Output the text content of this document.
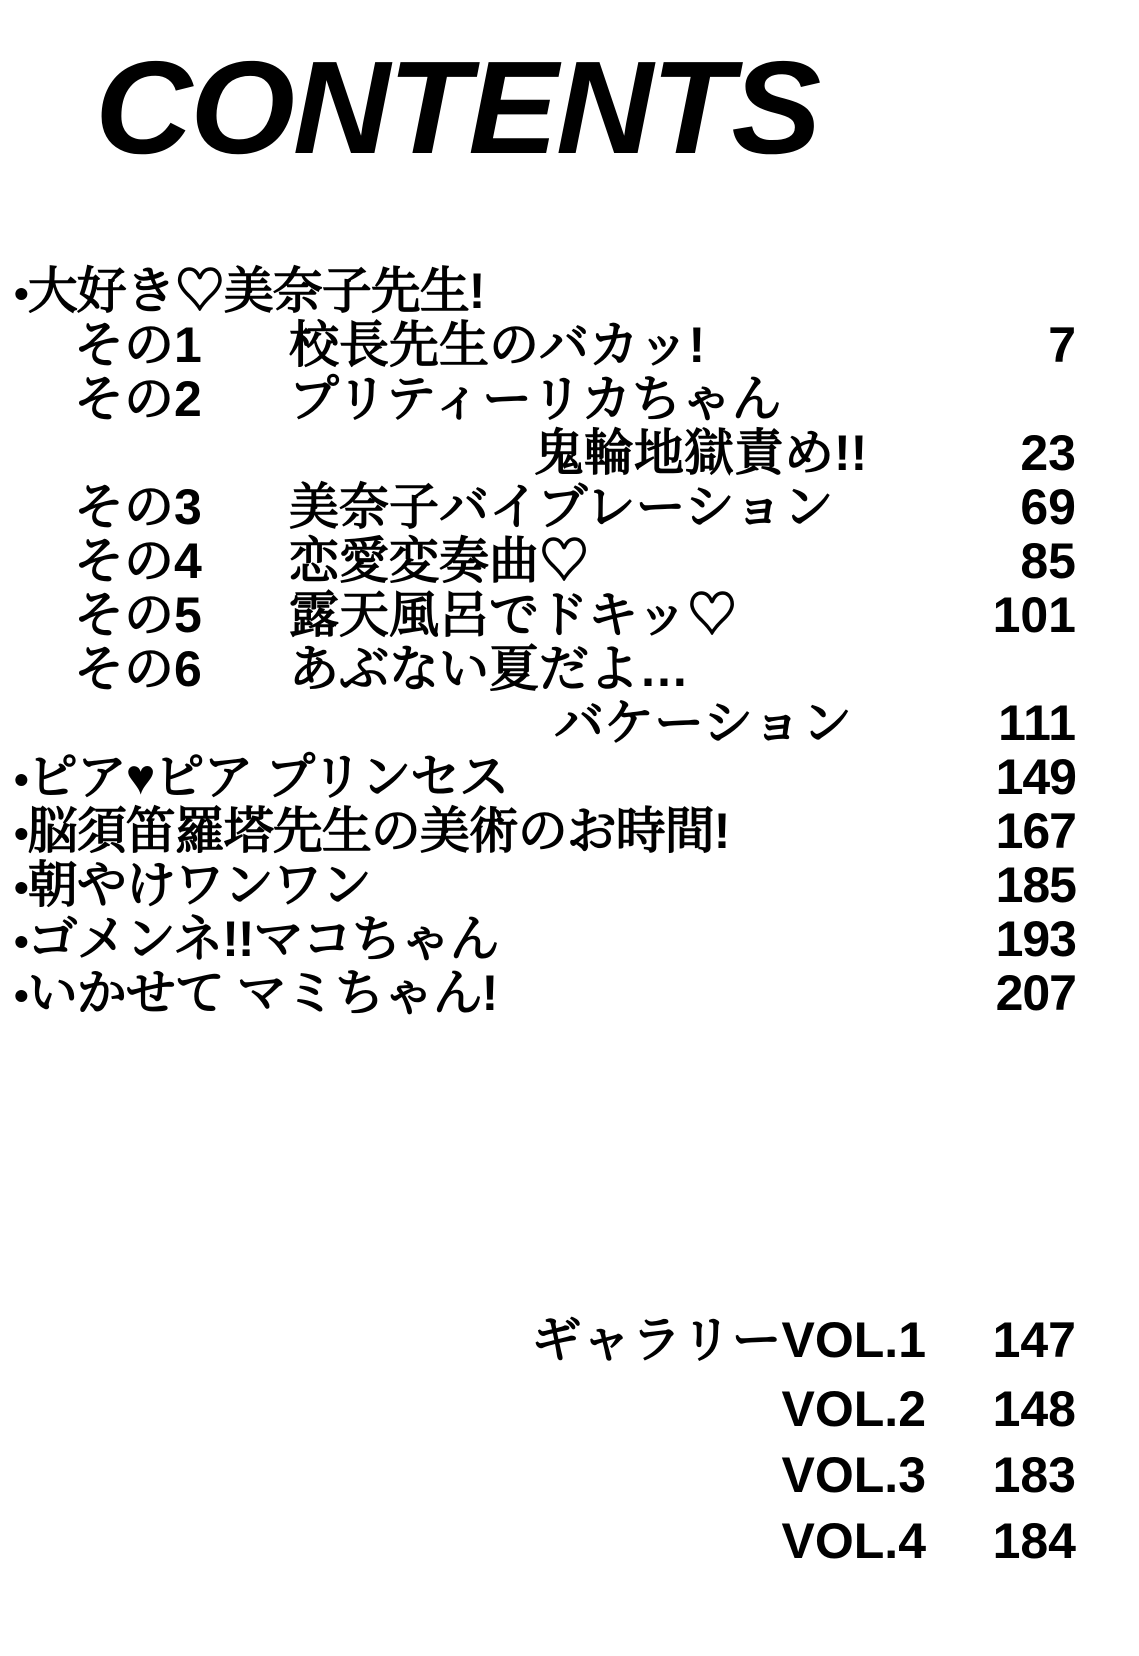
CONTENTS
• 大好き♡美奈子先生!
その1	校長先生のバカッ!	7
その2	プリティーリカちゃん
鬼輪地獄責め!!	23
その3	美奈子バイブレーション	69
その4	恋愛変奏曲♡	85
その5	露天風呂でドキッ♡	101
その6	あぶない夏だよ…
バケーション	111
• ピア♥ピア プリンセス	149
• 脳須笛羅塔先生の美術のお時間!	167
• 朝やけワンワン	185
• ゴメンネ!!マコちゃん	193
• いかせて マミちゃん!	207
ギャラリーVOL.1	147
VOL.2	148
VOL.3	183
VOL.4	184
